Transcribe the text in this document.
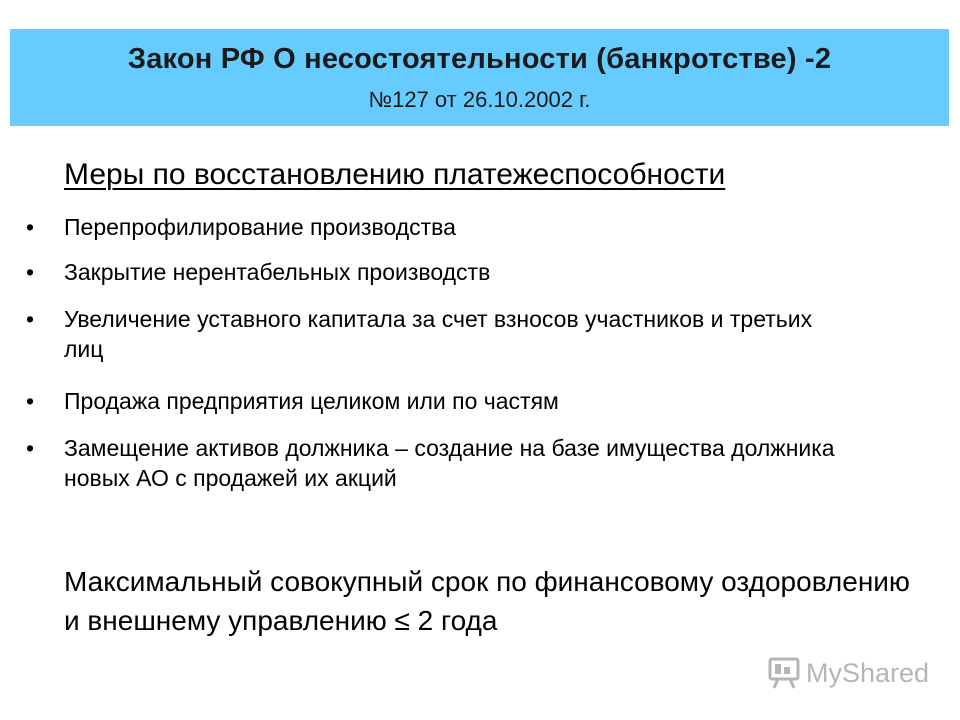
Закон РФ О несостоятельности (банкротстве) -2
№127 от 26.10.2002 г.
Меры по восстановлению платежеспособности
• Перепрофилирование производства
• Закрытие нерентабельных производств
• Увеличение уставного капитала за счет взносов участников и третьих лиц
• Продажа предприятия целиком или по частям
• Замещение активов должника – создание на базе имущества должника новых АО с продажей их акций
Максимальный совокупный срок по финансовому оздоровлению и внешнему управлению ≤ 2 года
MyShared
